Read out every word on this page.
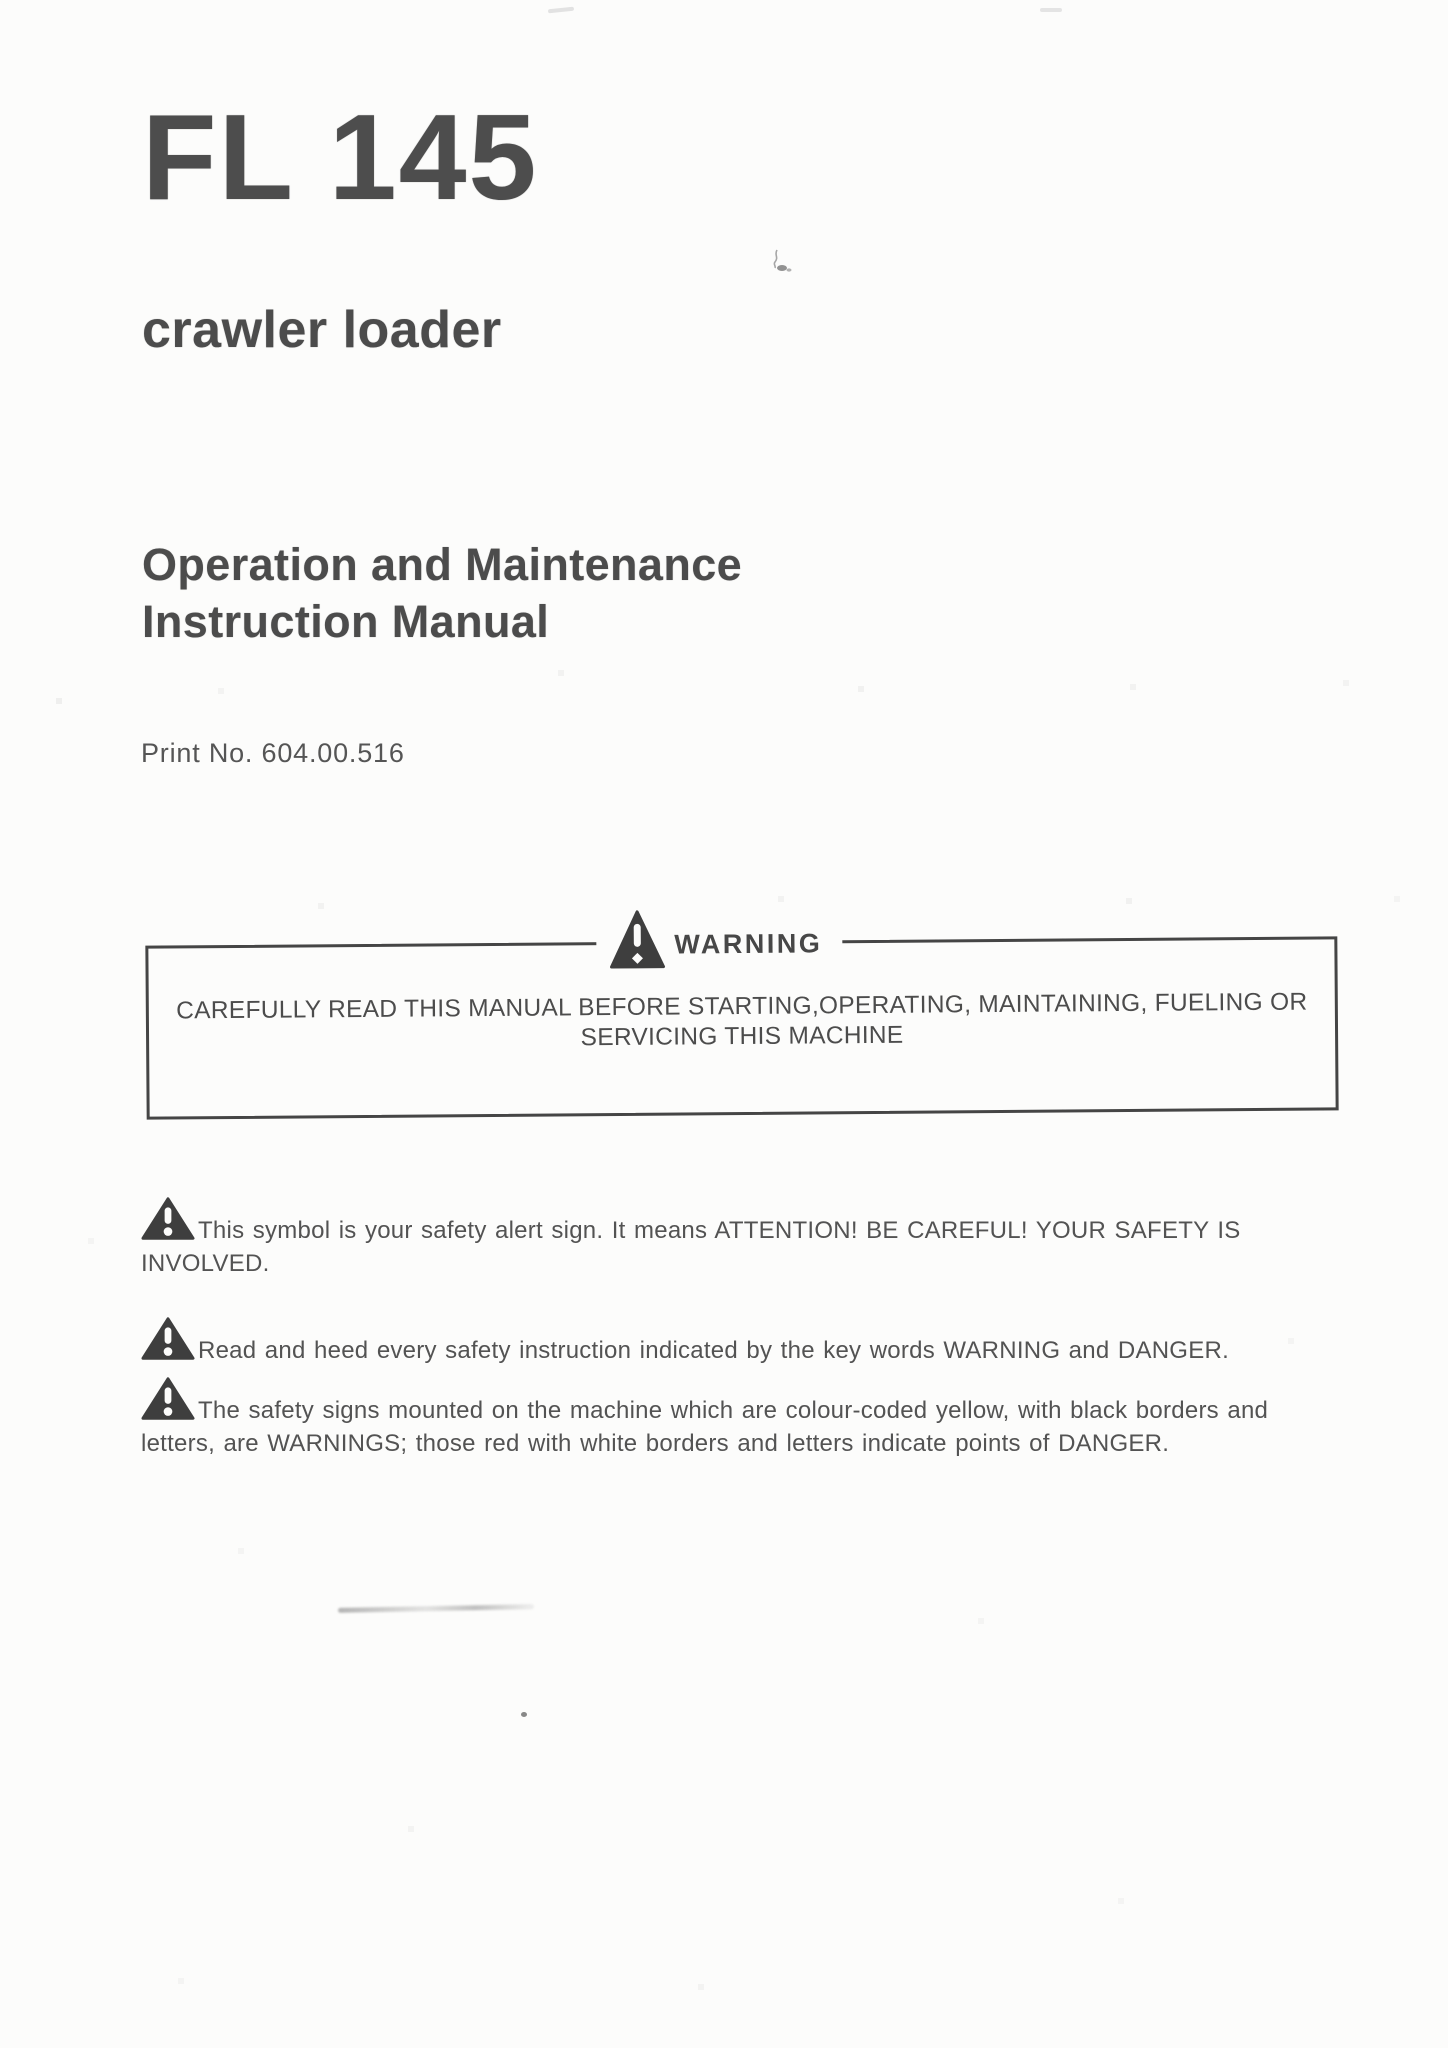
FL 145
crawler loader
Operation and Maintenance
Instruction Manual
Print No. 604.00.516
WARNING
CAREFULLY READ THIS MANUAL BEFORE STARTING,OPERATING, MAINTAINING, FUELING OR
SERVICING THIS MACHINE
This symbol is your safety alert sign. It means ATTENTION! BE CAREFUL! YOUR SAFETY IS INVOLVED.
Read and heed every safety instruction indicated by the key words WARNING and DANGER.
The safety signs mounted on the machine which are colour-coded yellow, with black borders and letters, are WARNINGS; those red with white borders and letters indicate points of DANGER.
